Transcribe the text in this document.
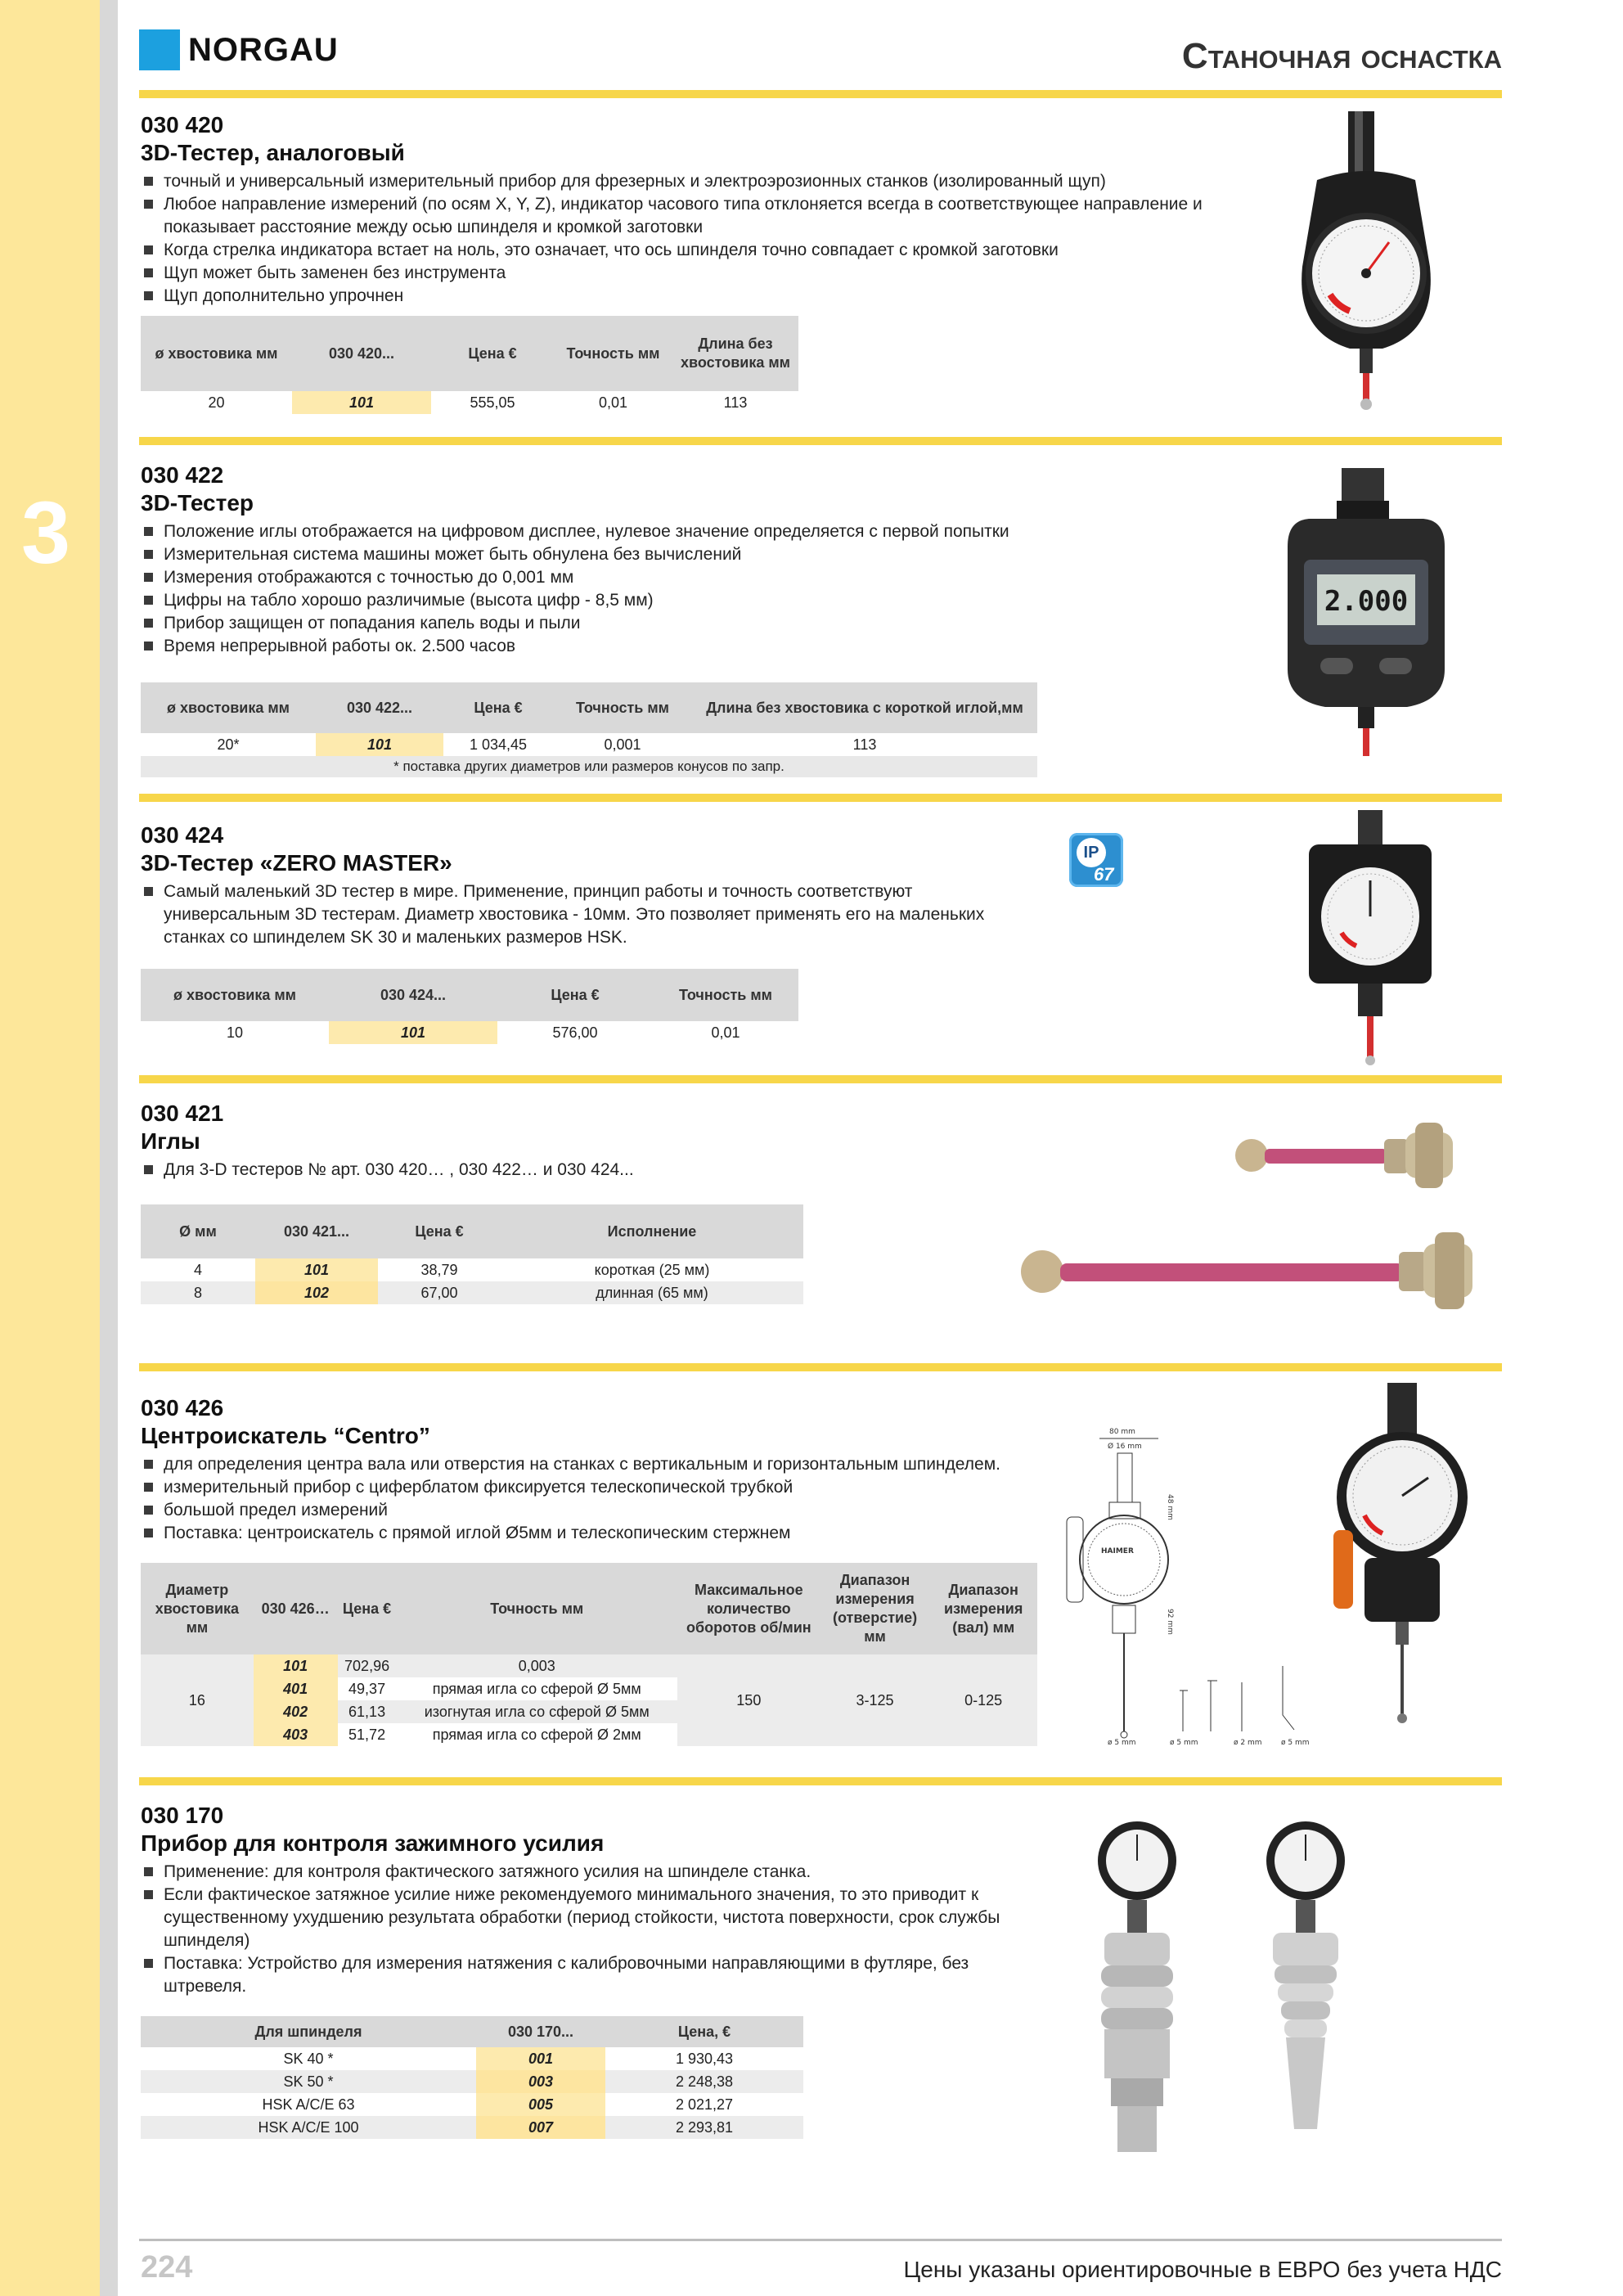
3
NORGAU	Станочная оснастка
030 420
3D-Тестер, аналоговый
точный и универсальный измерительный прибор для фрезерных и электроэрозионных станков (изолированный щуп)
Любое направление измерений (по осям X, Y, Z), индикатор часового типа отклоняется всегда в соответствующее направление и показывает расстояние между осью шпинделя и кромкой заготовки
Когда стрелка индикатора встает на ноль, это означает, что ось шпинделя точно совпадает с кромкой заготовки
Щуп может быть заменен без инструмента
Щуп дополнительно упрочнен
ø хвостовика мм	030 420...	Цена €	Точность мм	Длина без хвостовика мм
20	101	555,05	0,01	113
030 422
3D-Тестер
Положение иглы отображается на цифровом дисплее, нулевое значение определяется с первой попытки
Измерительная система машины может быть обнулена без вычислений
Измерения отображаются с точностью до 0,001 мм
Цифры на табло хорошо различимые (высота цифр - 8,5 мм)
Прибор защищен от попадания капель воды и пыли
Время непрерывной работы ок. 2.500 часов
ø хвостовика мм	030 422...	Цена €	Точность мм	Длина без хвостовика с короткой иглой,мм
20*	101	1 034,45	0,001	113
* поставка других диаметров или размеров конусов по запр.				
2.000
030 424
3D-Тестер «ZERO MASTER»
Самый маленький 3D тестер в мире. Применение, принцип работы и точность соответствуют универсальным 3D тестерам. Диаметр хвостовика - 10мм. Это позволяет применять его на маленьких станках со шпинделем SK 30 и маленьких размеров HSK.
IP
67
ø хвостовика мм	030 424...	Цена €	Точность мм
10	101	576,00	0,01
030 421
Иглы
Для 3-D тестеров № арт. 030 420… , 030 422… и 030 424...
Ø мм	030 421...	Цена €	Исполнение
4	101	38,79	короткая (25 мм)
8	102	67,00	длинная (65 мм)
030 426
Центроискатель “Centro”
для определения центра вала или отверстия на станках с вертикальным и горизонтальным шпинделем.
измерительный прибор с циферблатом фиксируется телескопической трубкой
большой предел измерений
Поставка: центроискатель с прямой иглой Ø5мм и телескопическим стержнем
Диаметр хвостовика мм	030 426…	Цена €	Точность мм	Максимальное количество оборотов об/мин	Диапазон измерения (отверстие) мм	Диапазон измерения (вал) мм
16	101	702,96	0,003	150	3-125	0-125
	401	49,37	прямая игла со сферой Ø 5мм			
	402	61,13	изогнутая игла со сферой Ø 5мм			
	403	51,72	прямая игла со сферой Ø 2мм			
80 mm
Ø 16 mm
48 mm
92 mm
HAIMER
ø 5 mm	ø 5 mm	ø 2 mm	ø 5 mm
030 170
Прибор для контроля зажимного усилия
Применение: для контроля фактического затяжного усилия на шпинделе станка.
Если фактическое затяжное усилие ниже рекомендуемого минимального значения, то это приводит к существенному ухудшению результата обработки (период стойкости, чистота поверхности, срок службы шпинделя)
Поставка: Устройство для измерения натяжения с калибровочными направляющими в футляре, без штревеля.
Для шпинделя	030 170...	Цена, €
SK 40 *	001	1 930,43
SK 50 *	003	2 248,38
HSK A/C/E 63	005	2 021,27
HSK A/C/E 100	007	2 293,81
224	Цены указаны ориентировочные в ЕВРО без учета НДС
